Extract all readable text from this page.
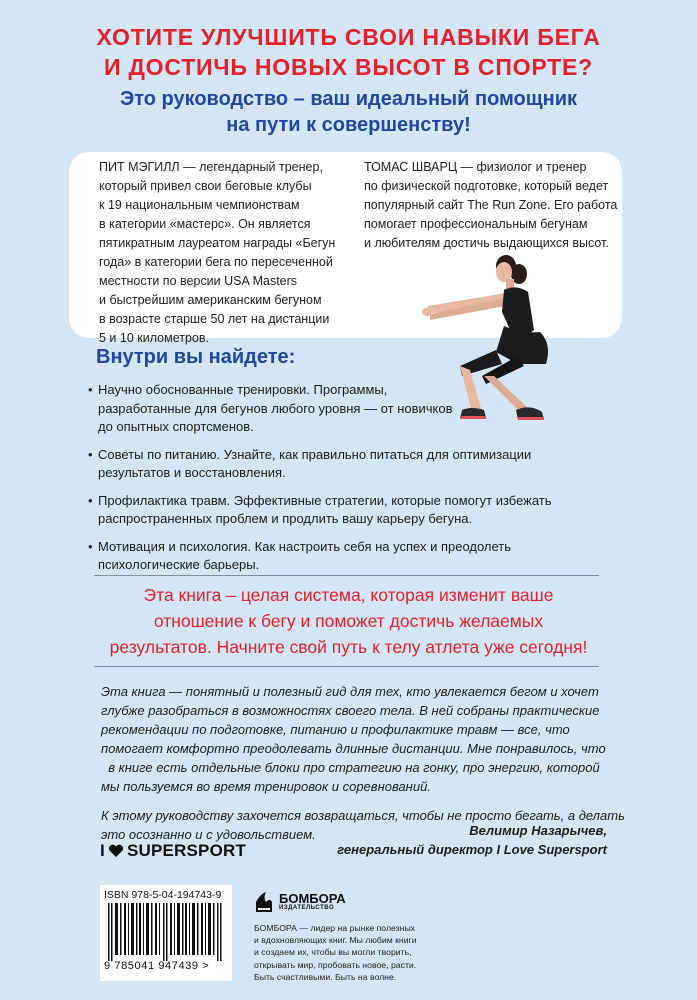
ХОТИТЕ УЛУЧШИТЬ СВОИ НАВЫКИ БЕГА
И ДОСТИЧЬ НОВЫХ ВЫСОТ В СПОРТЕ?
Это руководство – ваш идеальный помощник
на пути к совершенству!
ПИТ МЭГИЛЛ — легендарный тренер,
который привел свои беговые клубы
к 19 национальным чемпионствам
в категории «мастерс». Он является
пятикратным лауреатом награды «Бегун
года» в категории бега по пересеченной
местности по версии USA Masters
и быстрейшим американским бегуном
в возрасте старше 50 лет на дистанции
5 и 10 километров.
ТОМАС ШВАРЦ — физиолог и тренер
по физической подготовке, который ведет
популярный сайт The Run Zone. Его работа
помогает профессиональным бегунам
и любителям достичь выдающихся высот.
Внутри вы найдете:
• Научно обоснованные тренировки. Программы,
разработанные для бегунов любого уровня — от новичков
до опытных спортсменов.
• Советы по питанию. Узнайте, как правильно питаться для оптимизации
результатов и восстановления.
• Профилактика травм. Эффективные стратегии, которые помогут избежать
распространенных проблем и продлить вашу карьеру бегуна.
• Мотивация и психология. Как настроить себя на успех и преодолеть
психологические барьеры.
Эта книга – целая система, которая изменит ваше
отношение к бегу и поможет достичь желаемых
результатов. Начните свой путь к телу атлета уже сегодня!

Эта книга — понятный и полезный гид для тех, кто увлекается бегом и хочет
глубже разобраться в возможностях своего тела. В ней собраны практические
рекомендации по подготовке, питанию и профилактике травм — все, что
помогает комфортно преодолевать длинные дистанции. Мне понравилось, что
в книге есть отдельные блоки про стратегию на гонку, про энергию, которой
мы пользуемся во время тренировок и соревнований.

К этому руководству захочется возвращаться, чтобы не просто бегать, а делать
это осознанно и с удовольствием.

I SUPERSPORT
Велимир Назарычев,
генеральный директор I Love Supersport
ISBN 978-5-04-194743-9
9 785041 947439 >
БОМБОРА
ИЗДАТЕЛЬСТВО
БОМБОРА — лидер на рынке полезных
и вдохновляющих книг. Мы любим книги
и создаем их, чтобы вы могли творить,
открывать мир, пробовать новое, расти.
Быть счастливыми. Быть на волне.
